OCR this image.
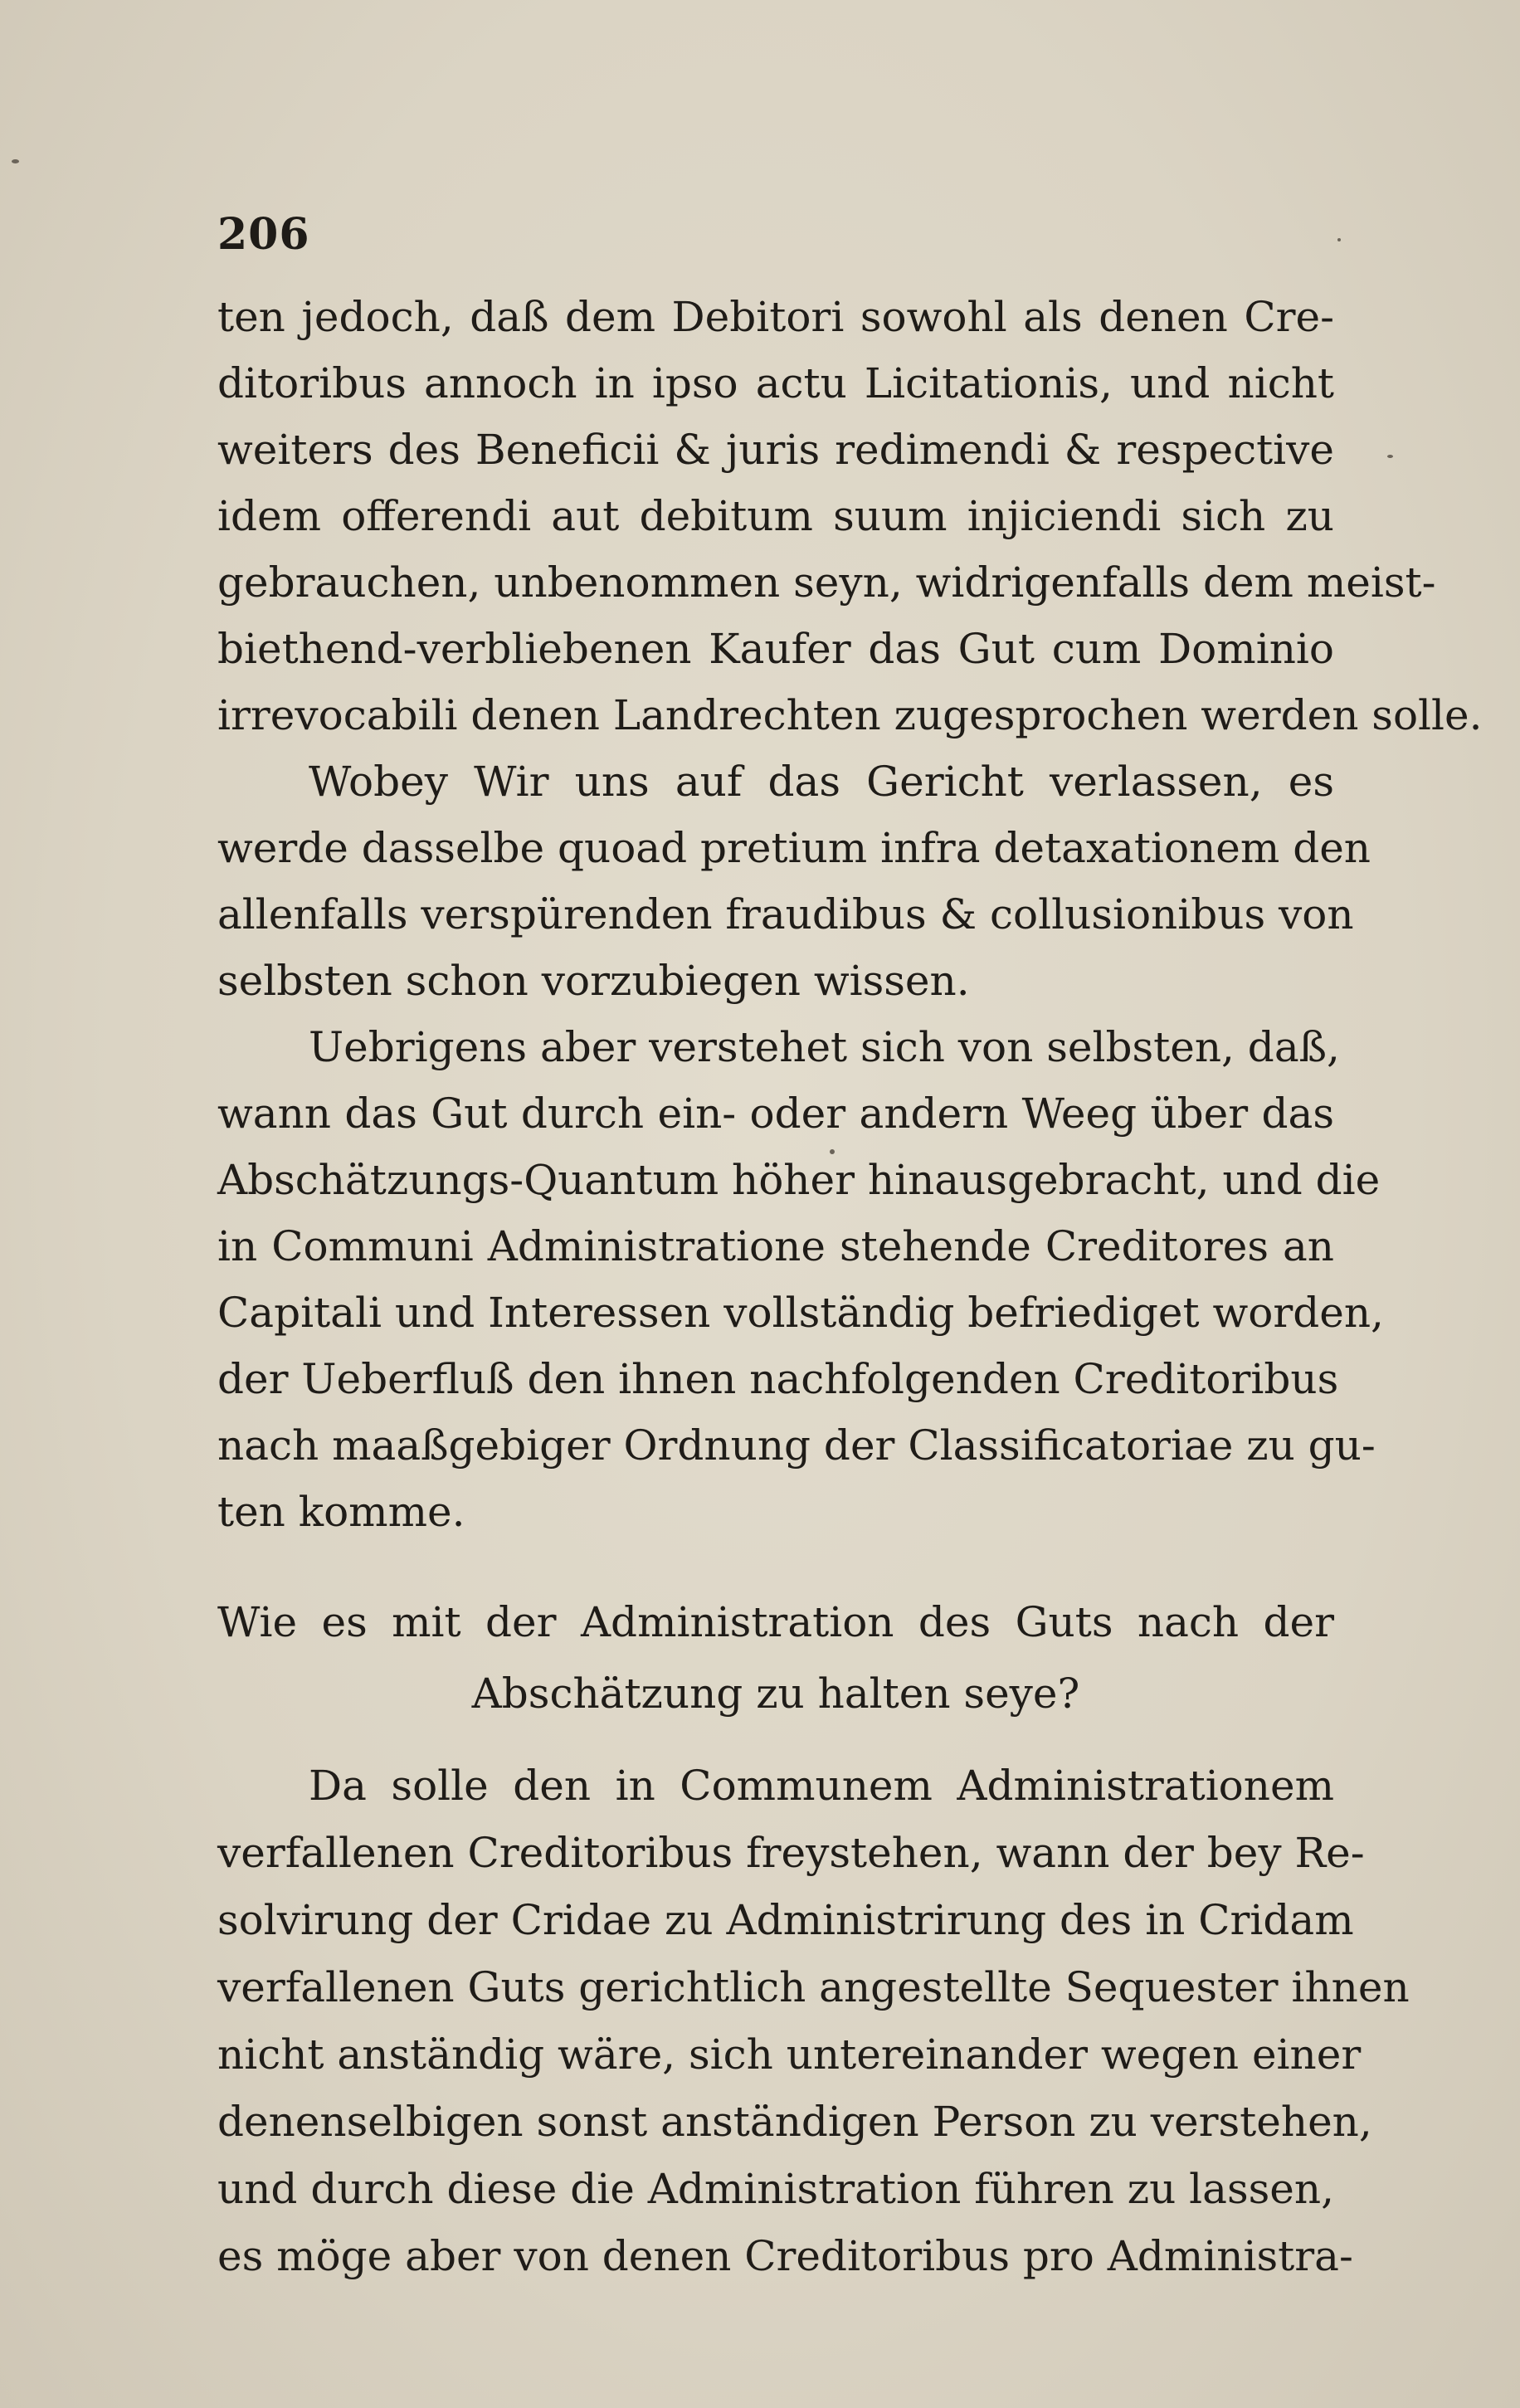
206
ten jedoch, daß dem Debitori sowohl als denen Cre-
ditoribus annoch in ipso actu Licitationis, und nicht
weiters des Beneficii & juris redimendi & respective
idem offerendi aut debitum suum injiciendi sich zu
gebrauchen, unbenommen seyn, widrigenfalls dem meist-
biethend-verbliebenen Kaufer das Gut cum Dominio
irrevocabili denen Landrechten zugesprochen werden solle.
Wobey Wir uns auf das Gericht verlassen, es
werde dasselbe quoad pretium infra detaxationem den
allenfalls verspürenden fraudibus & collusionibus von
selbsten schon vorzubiegen wissen.
Uebrigens aber verstehet sich von selbsten, daß,
wann das Gut durch ein- oder andern Weeg über das
Abschätzungs-Quantum höher hinausgebracht, und die
in Communi Administratione stehende Creditores an
Capitali und Interessen vollständig befriediget worden,
der Ueberfluß den ihnen nachfolgenden Creditoribus
nach maaßgebiger Ordnung der Classificatoriae zu gu-
ten komme.
Wie es mit der Administration des Guts nach der
Abschätzung zu halten seye?
Da solle den in Communem Administrationem
verfallenen Creditoribus freystehen, wann der bey Re-
solvirung der Cridae zu Administrirung des in Cridam
verfallenen Guts gerichtlich angestellte Sequester ihnen
nicht anständig wäre, sich untereinander wegen einer
denenselbigen sonst anständigen Person zu verstehen,
und durch diese die Administration führen zu lassen,
es möge aber von denen Creditoribus pro Administra-
